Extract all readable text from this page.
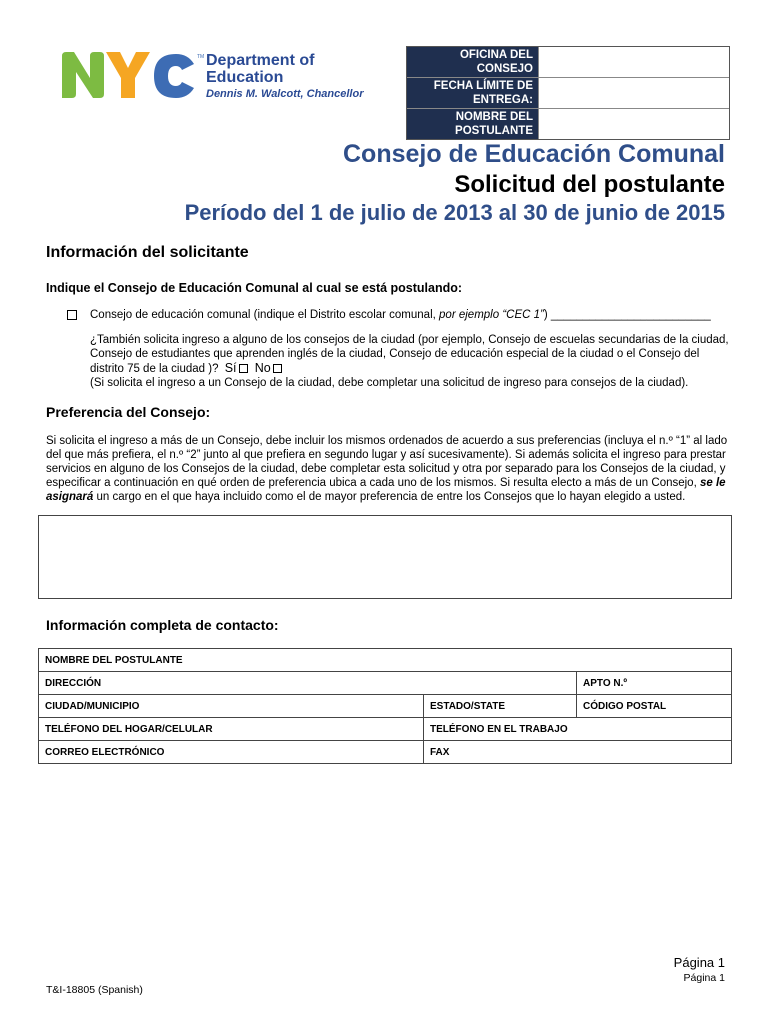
TM Department of
Education
Dennis M. Walcott, Chancellor
OFICINA DEL CONSEJO
FECHA LÍMITE DE ENTREGA:
NOMBRE DEL POSTULANTE
Consejo de Educación Comunal
Solicitud del postulante
Período del 1 de julio de 2013 al 30 de junio de 2015
Información del solicitante
Indique el Consejo de Educación Comunal al cual se está postulando:
Consejo de educación comunal (indique el Distrito escolar comunal, por ejemplo “CEC 1”) _________________________
¿También solicita ingreso a alguno de los consejos de la ciudad (por ejemplo, Consejo de escuelas secundarias de la ciudad,
Consejo de estudiantes que aprenden inglés de la ciudad, Consejo de educación especial de la ciudad o el Consejo del
distrito 75 de la ciudad )? Sí No
(Si solicita el ingreso a un Consejo de la ciudad, debe completar una solicitud de ingreso para consejos de la ciudad).
Preferencia del Consejo:
Si solicita el ingreso a más de un Consejo, debe incluir los mismos ordenados de acuerdo a sus preferencias (incluya el n.º “1” al lado
del que más prefiera, el n.º “2” junto al que prefiera en segundo lugar y así sucesivamente). Si además solicita el ingreso para prestar
servicios en alguno de los Consejos de la ciudad, debe completar esta solicitud y otra por separado para los Consejos de la ciudad, y
especificar a continuación en qué orden de preferencia ubica a cada uno de los mismos. Si resulta electo a más de un Consejo, se le
asignará un cargo en el que haya incluido como el de mayor preferencia de entre los Consejos que lo hayan elegido a usted.
Información completa de contacto:
NOMBRE DEL POSTULANTE		
DIRECCIÓN		APTO N.º
CIUDAD/MUNICIPIO	ESTADO/STATE	CÓDIGO POSTAL
TELÉFONO DEL HOGAR/CELULAR	TELÉFONO EN EL TRABAJO	
CORREO ELECTRÓNICO	FAX	
Página 1
Página 1
T&I-18805 (Spanish)
